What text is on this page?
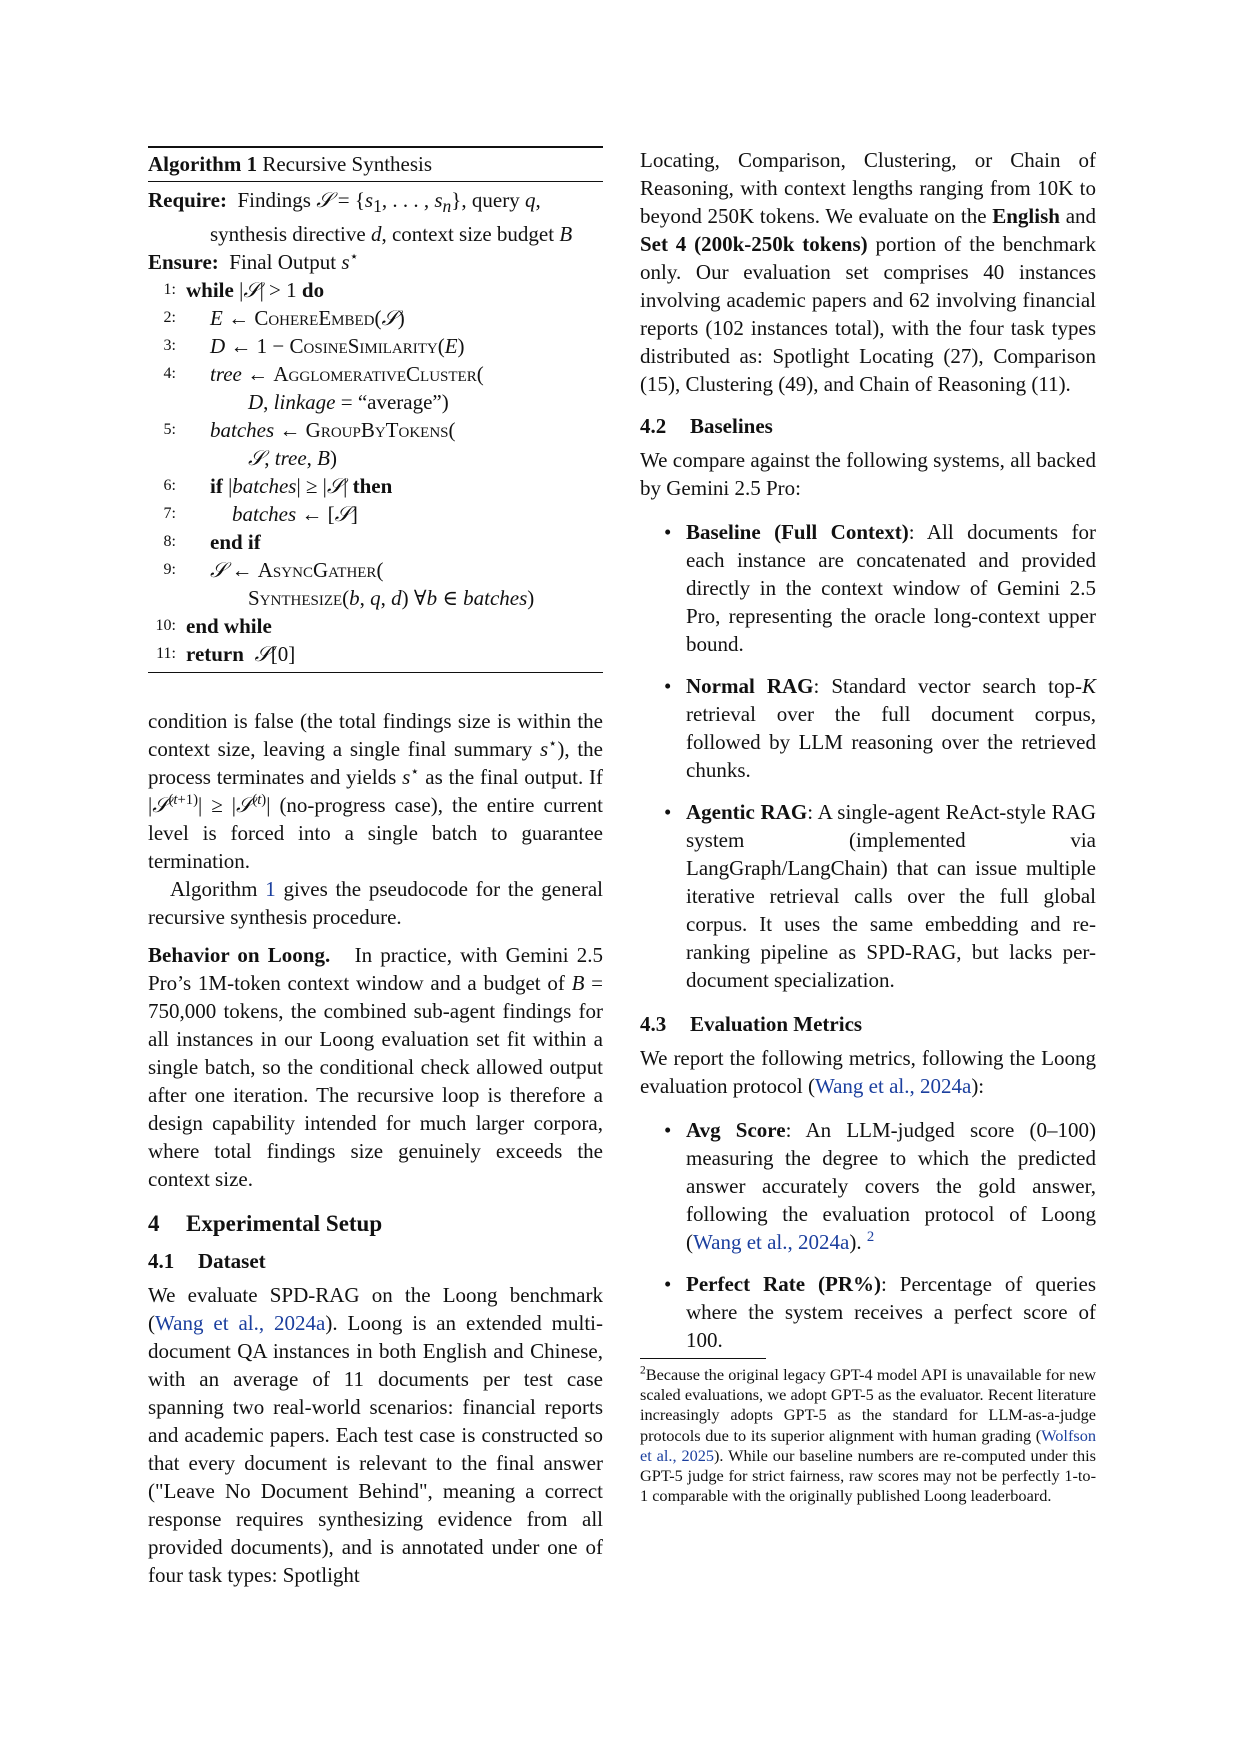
Algorithm 1 Recursive Synthesis
Require: Findings 𝒮 = {$s_1$, . . . , $s_n$}, query q,
synthesis directive d, context size budget B
Ensure: Final Output s⋆
1: while |𝒮| > 1 do
2: E ← CohereEmbed(𝒮)
3: D ← 1 − CosineSimilarity(E)
4: tree ← AgglomerativeCluster(
D, linkage = “average”)
5: batches ← GroupByTokens(
𝒮, tree, B)
6: if |batches| ≥ |𝒮| then
7:	batches ← [𝒮]
8: end if
9: 𝒮 ← AsyncGather(
Synthesize(b, q, d) ∀b ∈ batches)
10: end while
11: return 𝒮[0]

condition is false (the total findings size is within the context size, leaving a single final summary s⋆), the process terminates and yields s⋆ as the final output. If |𝒮$^{(t+1)}$| ≥ |𝒮$^{(t)}$| (no-progress case), the entire current level is forced into a single batch to guarantee termination.

Algorithm 1 gives the pseudocode for the general recursive synthesis procedure.

Behavior on Loong. In practice, with Gemini 2.5 Pro’s 1M-token context window and a budget of B = 750,000 tokens, the combined sub-agent findings for all instances in our Loong evaluation set fit within a single batch, so the conditional check allowed output after one iteration. The recursive loop is therefore a design capability intended for much larger corpora, where total findings size genuinely exceeds the context size.

4 Experimental Setup
4.1 Dataset

We evaluate SPD-RAG on the Loong benchmark (Wang et al., 2024a). Loong is an extended multi-document QA instances in both English and Chinese, with an average of 11 documents per test case spanning two real-world scenarios: financial reports and academic papers. Each test case is constructed so that every document is relevant to the final answer ("Leave No Document Behind", meaning a correct response requires synthesizing evidence from all provided documents), and is annotated under one of four task types: Spotlight

Locating, Comparison, Clustering, or Chain of Reasoning, with context lengths ranging from 10K to beyond 250K tokens. We evaluate on the English and Set 4 (200k-250k tokens) portion of the benchmark only. Our evaluation set comprises 40 instances involving academic papers and 62 involving financial reports (102 instances total), with the four task types distributed as: Spotlight Locating (27), Comparison (15), Clustering (49), and Chain of Reasoning (11).

4.2 Baselines

We compare against the following systems, all backed by Gemini 2.5 Pro:

• Baseline (Full Context): All documents for each instance are concatenated and provided directly in the context window of Gemini 2.5 Pro, representing the oracle long-context upper bound.
• Normal RAG: Standard vector search top-K retrieval over the full document corpus, followed by LLM reasoning over the retrieved chunks.
• Agentic RAG: A single-agent ReAct-style RAG system (implemented via LangGraph/LangChain) that can issue multiple iterative retrieval calls over the full global corpus. It uses the same embedding and re-ranking pipeline as SPD-RAG, but lacks per-document specialization.
4.3 Evaluation Metrics

We report the following metrics, following the Loong evaluation protocol (Wang et al., 2024a):

• Avg Score: An LLM-judged score (0–100) measuring the degree to which the predicted answer accurately covers the gold answer, following the evaluation protocol of Loong (Wang et al., 2024a). $^2$
• Perfect Rate (PR%): Percentage of queries where the system receives a perfect score of 100.

$^2$Because the original legacy GPT-4 model API is unavailable for new scaled evaluations, we adopt GPT-5 as the evaluator. Recent literature increasingly adopts GPT-5 as the standard for LLM-as-a-judge protocols due to its superior alignment with human grading (Wolfson et al., 2025). While our baseline numbers are re-computed under this GPT-5 judge for strict fairness, raw scores may not be perfectly 1-to-1 comparable with the originally published Loong leaderboard.
